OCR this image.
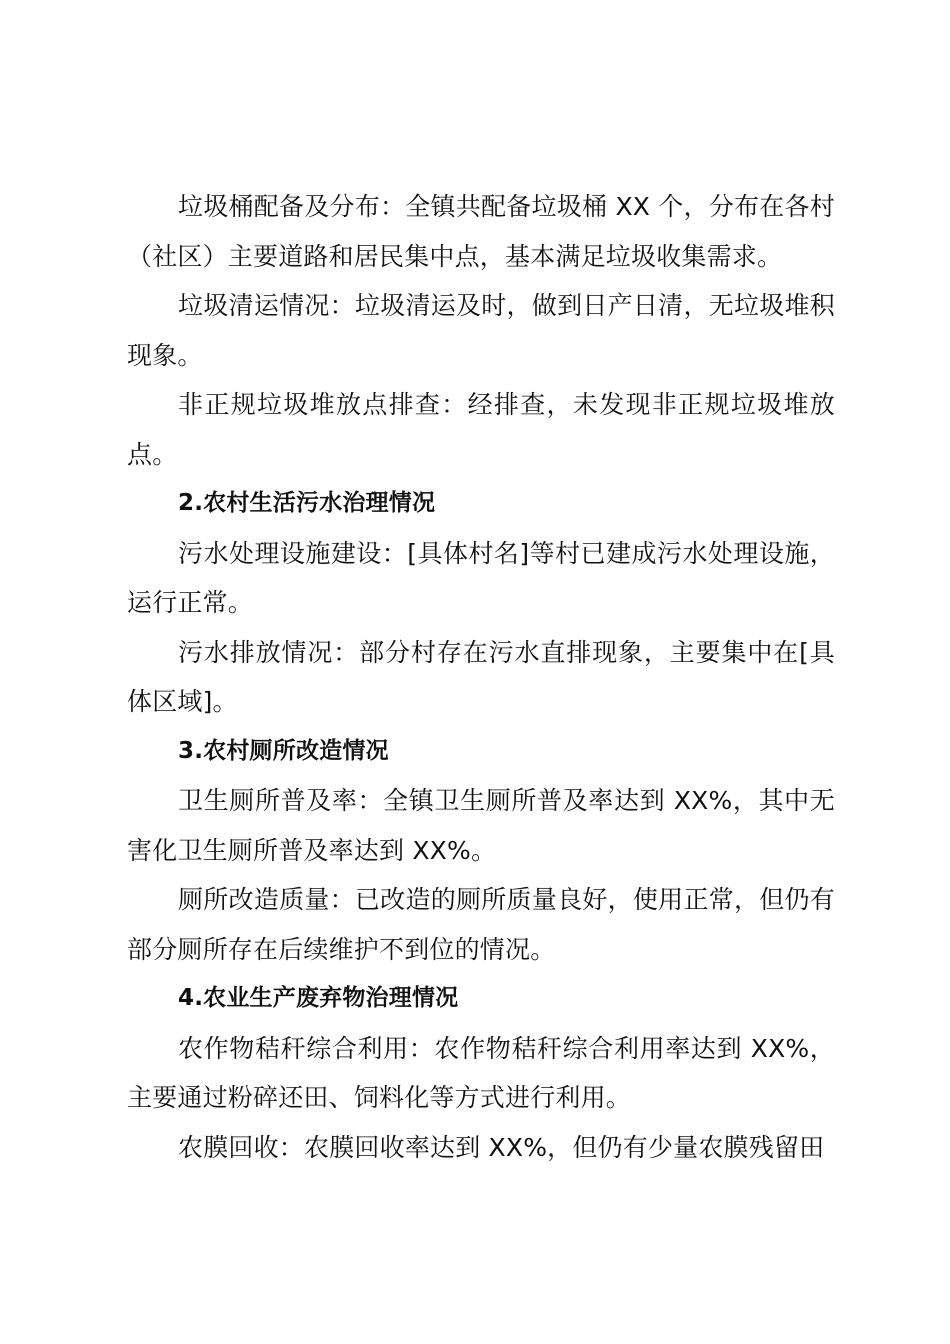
垃圾桶配备及分布：全镇共配备垃圾桶 XX 个，分布在各村（社区）主要道路和居民集中点，基本满足垃圾收集需求。

垃圾清运情况：垃圾清运及时，做到日产日清，无垃圾堆积现象。

非正规垃圾堆放点排查：经排查，未发现非正规垃圾堆放点。

2.农村生活污水治理情况

污水处理设施建设：[具体村名]等村已建成污水处理设施，运行正常。

污水排放情况：部分村存在污水直排现象，主要集中在[具体区域]。

3.农村厕所改造情况

卫生厕所普及率：全镇卫生厕所普及率达到 XX%，其中无害化卫生厕所普及率达到 XX%。

厕所改造质量：已改造的厕所质量良好，使用正常，但仍有部分厕所存在后续维护不到位的情况。

4.农业生产废弃物治理情况

农作物秸秆综合利用：农作物秸秆综合利用率达到 XX%，主要通过粉碎还田、饲料化等方式进行利用。

农膜回收：农膜回收率达到 XX%，但仍有少量农膜残留田
